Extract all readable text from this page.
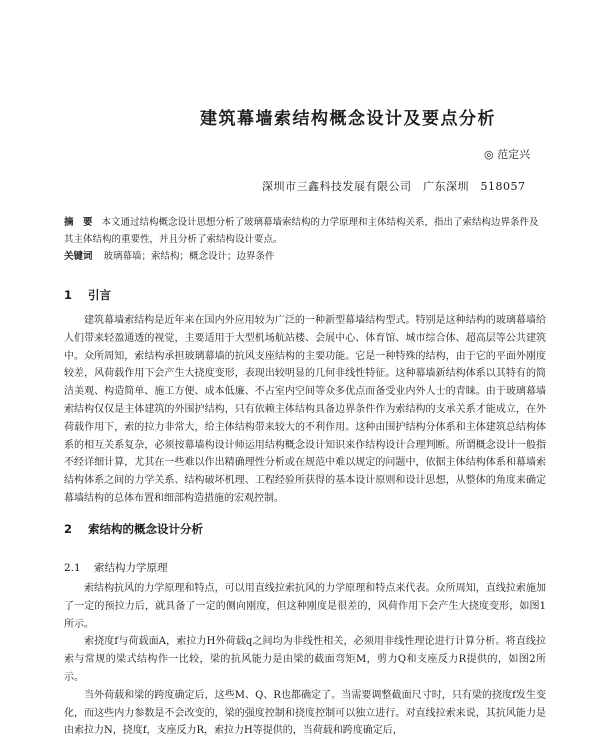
建筑幕墙索结构概念设计及要点分析
◎ 范定兴
深圳市三鑫科技发展有限公司　广东深圳　518057
摘　要 本文通过结构概念设计思想分析了玻璃幕墙索结构的力学原理和主体结构关系，指出了索结构边界条件及其主体结构的重要性，并且分析了索结构设计要点。
关键词 玻璃幕墙；索结构；概念设计；边界条件
1 引言

建筑幕墙索结构是近年来在国内外应用较为广泛的一种新型幕墙结构型式。特别是这种结构的玻璃幕墙给人们带来轻盈通透的视觉，主要适用于大型机场航站楼、会展中心、体育馆、城市综合体、超高层等公共建筑中。众所周知，索结构承担玻璃幕墙的抗风支座结构的主要功能。它是一种特殊的结构，由于它的平面外刚度较差，风荷载作用下会产生大挠度变形，表现出较明显的几何非线性特征。这种幕墙新结构体系以其特有的简洁美观、构造简单、施工方便、成本低廉、不占室内空间等众多优点而备受业内外人士的青睐。由于玻璃幕墙索结构仅仅是主体建筑的外围护结构，只有依赖主体结构具备边界条件作为索结构的支承关系才能成立，在外荷载作用下，索的拉力非常大，给主体结构带来较大的不利作用。这种由围护结构分体系和主体建筑总结构体系的相互关系复杂，必须按幕墙构设计师运用结构概念设计知识来作结构设计合理判断。所谓概念设计一般指不经详细计算，尤其在一些难以作出精确理性分析或在规范中难以规定的问题中，依据主体结构体系和幕墙索结构体系之间的力学关系、结构破坏机理、工程经验所获得的基本设计原则和设计思想，从整体的角度来确定幕墙结构的总体布置和细部构造措施的宏观控制。

2 索结构的概念设计分析
2.1 索结构力学原理

索结构抗风的力学原理和特点，可以用直线拉索抗风的力学原理和特点来代表。众所周知，直线拉索施加了一定的预拉力后，就具备了一定的侧向刚度，但这种刚度是很差的，风荷作用下会产生大挠度变形，如图1所示。

索挠度f与荷载面A，索拉力H外荷载q之间均为非线性相关，必须用非线性理论进行计算分析。将直线拉索与常规的梁式结构作一比较，梁的抗风能力是由梁的截面弯矩M，剪力Q和支座反力R提供的，如图2所示。

当外荷载和梁的跨度确定后，这些M、Q、R也都确定了。当需要调整截面尺寸时，只有梁的挠度f发生变化，而这些内力参数是不会改变的，梁的强度控制和挠度控制可以独立进行。对直线拉索来说，其抗风能力是由索拉力N，挠度f，支座反力R，索拉力H等提供的，当荷载和跨度确定后，
